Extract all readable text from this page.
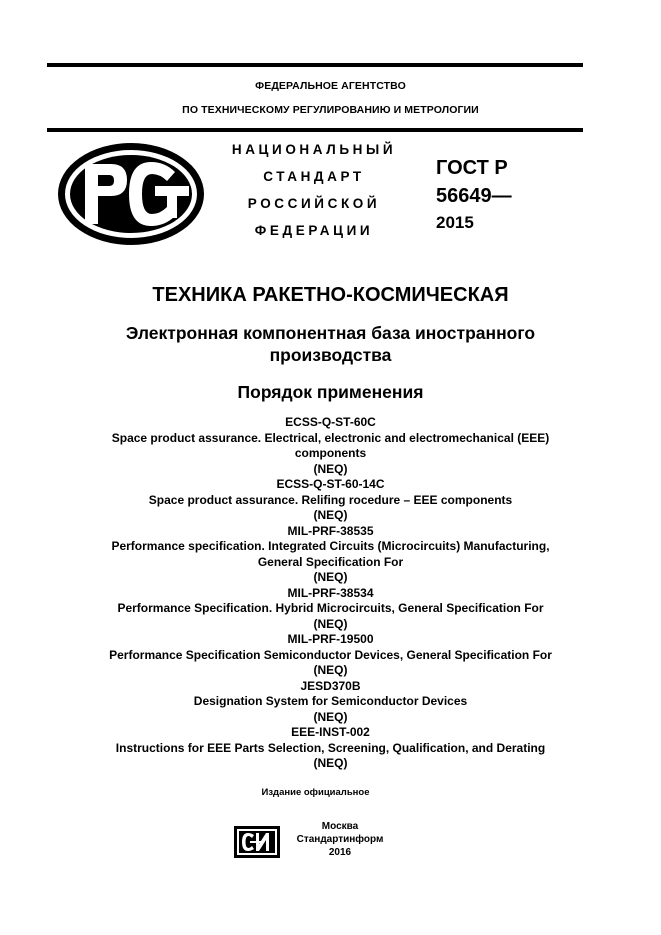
ФЕДЕРАЛЬНОЕ АГЕНТСТВО
ПО ТЕХНИЧЕСКОМУ РЕГУЛИРОВАНИЮ И МЕТРОЛОГИИ
НАЦИОНАЛЬНЫЙ
СТАНДАРТ
РОССИЙСКОЙ
ФЕДЕРАЦИИ
ГОСТ Р
56649—
2015
ТЕХНИКА РАКЕТНО-КОСМИЧЕСКАЯ
Электронная компонентная база иностранного
производства
Порядок применения
ECSS-Q-ST-60C
Space product assurance. Electrical, electronic and electromechanical (EEE)
components
(NEQ)
ECSS-Q-ST-60-14C
Space product assurance. Relifing rocedure – EEE components
(NEQ)
MIL-PRF-38535
Performance specification. Integrated Circuits (Microcircuits) Manufacturing,
General Specification For
(NEQ)
MIL-PRF-38534
Performance Specification. Hybrid Microcircuits, General Specification For
(NEQ)
MIL-PRF-19500
Performance Specification Semiconductor Devices, General Specification For
(NEQ)
JESD370B
Designation System for Semiconductor Devices
(NEQ)
EEE-INST-002
Instructions for EEE Parts Selection, Screening, Qualification, and Derating
(NEQ)
Издание официальное
Москва
Стандартинформ
2016
